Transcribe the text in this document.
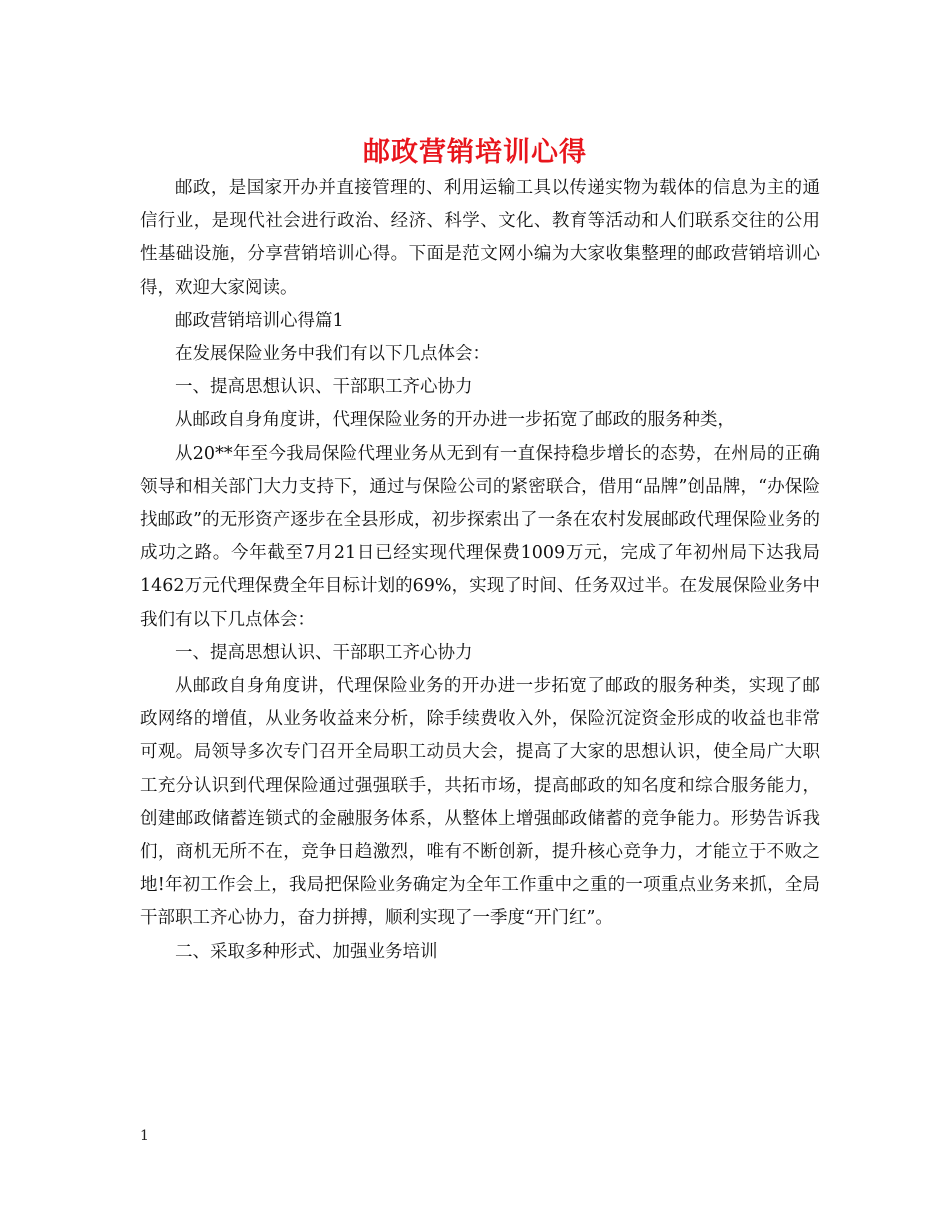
邮政营销培训心得

邮政，是国家开办并直接管理的、利用运输工具以传递实物为载体的信息为主的通信行业，是现代社会进行政治、经济、科学、文化、教育等活动和人们联系交往的公用性基础设施，分享营销培训心得。下面是范文网小编为大家收集整理的邮政营销培训心得，欢迎大家阅读。

邮政营销培训心得篇1

在发展保险业务中我们有以下几点体会：

一、提高思想认识、干部职工齐心协力

从邮政自身角度讲，代理保险业务的开办进一步拓宽了邮政的服务种类，

从20**年至今我局保险代理业务从无到有一直保持稳步增长的态势，在州局的正确领导和相关部门大力支持下，通过与保险公司的紧密联合，借用“品牌”创品牌，“办保险找邮政”的无形资产逐步在全县形成，初步探索出了一条在农村发展邮政代理保险业务的成功之路。今年截至7月21日已经实现代理保费1009万元，完成了年初州局下达我局1462万元代理保费全年目标计划的69%，实现了时间、任务双过半。在发展保险业务中我们有以下几点体会：

一、提高思想认识、干部职工齐心协力

从邮政自身角度讲，代理保险业务的开办进一步拓宽了邮政的服务种类，实现了邮政网络的增值，从业务收益来分析，除手续费收入外，保险沉淀资金形成的收益也非常可观。局领导多次专门召开全局职工动员大会，提高了大家的思想认识，使全局广大职工充分认识到代理保险通过强强联手，共拓市场，提高邮政的知名度和综合服务能力，创建邮政储蓄连锁式的金融服务体系，从整体上增强邮政储蓄的竞争能力。形势告诉我们，商机无所不在，竞争日趋激烈，唯有不断创新，提升核心竞争力，才能立于不败之地!年初工作会上，我局把保险业务确定为全年工作重中之重的一项重点业务来抓，全局干部职工齐心协力，奋力拼搏，顺利实现了一季度“开门红”。

二、采取多种形式、加强业务培训

1
